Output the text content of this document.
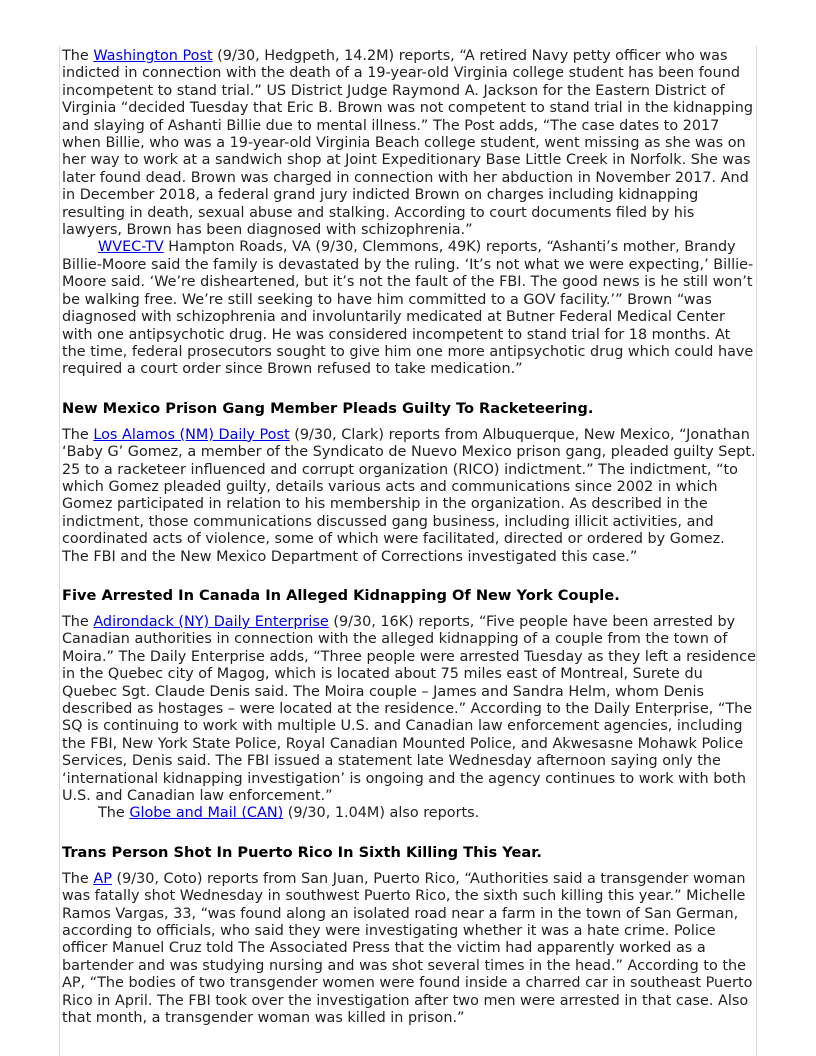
The Washington Post (9/30, Hedgpeth, 14.2M) reports, “A retired Navy petty officer who was indicted in connection with the death of a 19-year-old Virginia college student has been found incompetent to stand trial.” US District Judge Raymond A. Jackson for the Eastern District of Virginia “decided Tuesday that Eric B. Brown was not competent to stand trial in the kidnapping and slaying of Ashanti Billie due to mental illness.” The Post adds, “The case dates to 2017 when Billie, who was a 19-year-old Virginia Beach college student, went missing as she was on her way to work at a sandwich shop at Joint Expeditionary Base Little Creek in Norfolk. She was later found dead. Brown was charged in connection with her abduction in November 2017. And in December 2018, a federal grand jury indicted Brown on charges including kidnapping resulting in death, sexual abuse and stalking. According to court documents filed by his lawyers, Brown has been diagnosed with schizophrenia.”

WVEC-TV Hampton Roads, VA (9/30, Clemmons, 49K) reports, “Ashanti’s mother, Brandy Billie-Moore said the family is devastated by the ruling. ‘It’s not what we were expecting,’ Billie-Moore said. ‘We’re disheartened, but it’s not the fault of the FBI. The good news is he still won’t be walking free. We’re still seeking to have him committed to a GOV facility.’” Brown “was diagnosed with schizophrenia and involuntarily medicated at Butner Federal Medical Center with one antipsychotic drug. He was considered incompetent to stand trial for 18 months. At the time, federal prosecutors sought to give him one more antipsychotic drug which could have required a court order since Brown refused to take medication.”

New Mexico Prison Gang Member Pleads Guilty To Racketeering.

The Los Alamos (NM) Daily Post (9/30, Clark) reports from Albuquerque, New Mexico, “Jonathan ‘Baby G’ Gomez, a member of the Syndicato de Nuevo Mexico prison gang, pleaded guilty Sept. 25 to a racketeer influenced and corrupt organization (RICO) indictment.” The indictment, “to which Gomez pleaded guilty, details various acts and communications since 2002 in which Gomez participated in relation to his membership in the organization. As described in the indictment, those communications discussed gang business, including illicit activities, and coordinated acts of violence, some of which were facilitated, directed or ordered by Gomez. The FBI and the New Mexico Department of Corrections investigated this case.”

Five Arrested In Canada In Alleged Kidnapping Of New York Couple.

The Adirondack (NY) Daily Enterprise (9/30, 16K) reports, “Five people have been arrested by Canadian authorities in connection with the alleged kidnapping of a couple from the town of Moira.” The Daily Enterprise adds, “Three people were arrested Tuesday as they left a residence in the Quebec city of Magog, which is located about 75 miles east of Montreal, Surete du Quebec Sgt. Claude Denis said. The Moira couple – James and Sandra Helm, whom Denis described as hostages – were located at the residence.” According to the Daily Enterprise, “The SQ is continuing to work with multiple U.S. and Canadian law enforcement agencies, including the FBI, New York State Police, Royal Canadian Mounted Police, and Akwesasne Mohawk Police Services, Denis said. The FBI issued a statement late Wednesday afternoon saying only the ‘international kidnapping investigation’ is ongoing and the agency continues to work with both U.S. and Canadian law enforcement.”

The Globe and Mail (CAN) (9/30, 1.04M) also reports.

Trans Person Shot In Puerto Rico In Sixth Killing This Year.

The AP (9/30, Coto) reports from San Juan, Puerto Rico, “Authorities said a transgender woman was fatally shot Wednesday in southwest Puerto Rico, the sixth such killing this year.” Michelle Ramos Vargas, 33, “was found along an isolated road near a farm in the town of San German, according to officials, who said they were investigating whether it was a hate crime. Police officer Manuel Cruz told The Associated Press that the victim had apparently worked as a bartender and was studying nursing and was shot several times in the head.” According to the AP, “The bodies of two transgender women were found inside a charred car in southeast Puerto Rico in April. The FBI took over the investigation after two men were arrested in that case. Also that month, a transgender woman was killed in prison.”
